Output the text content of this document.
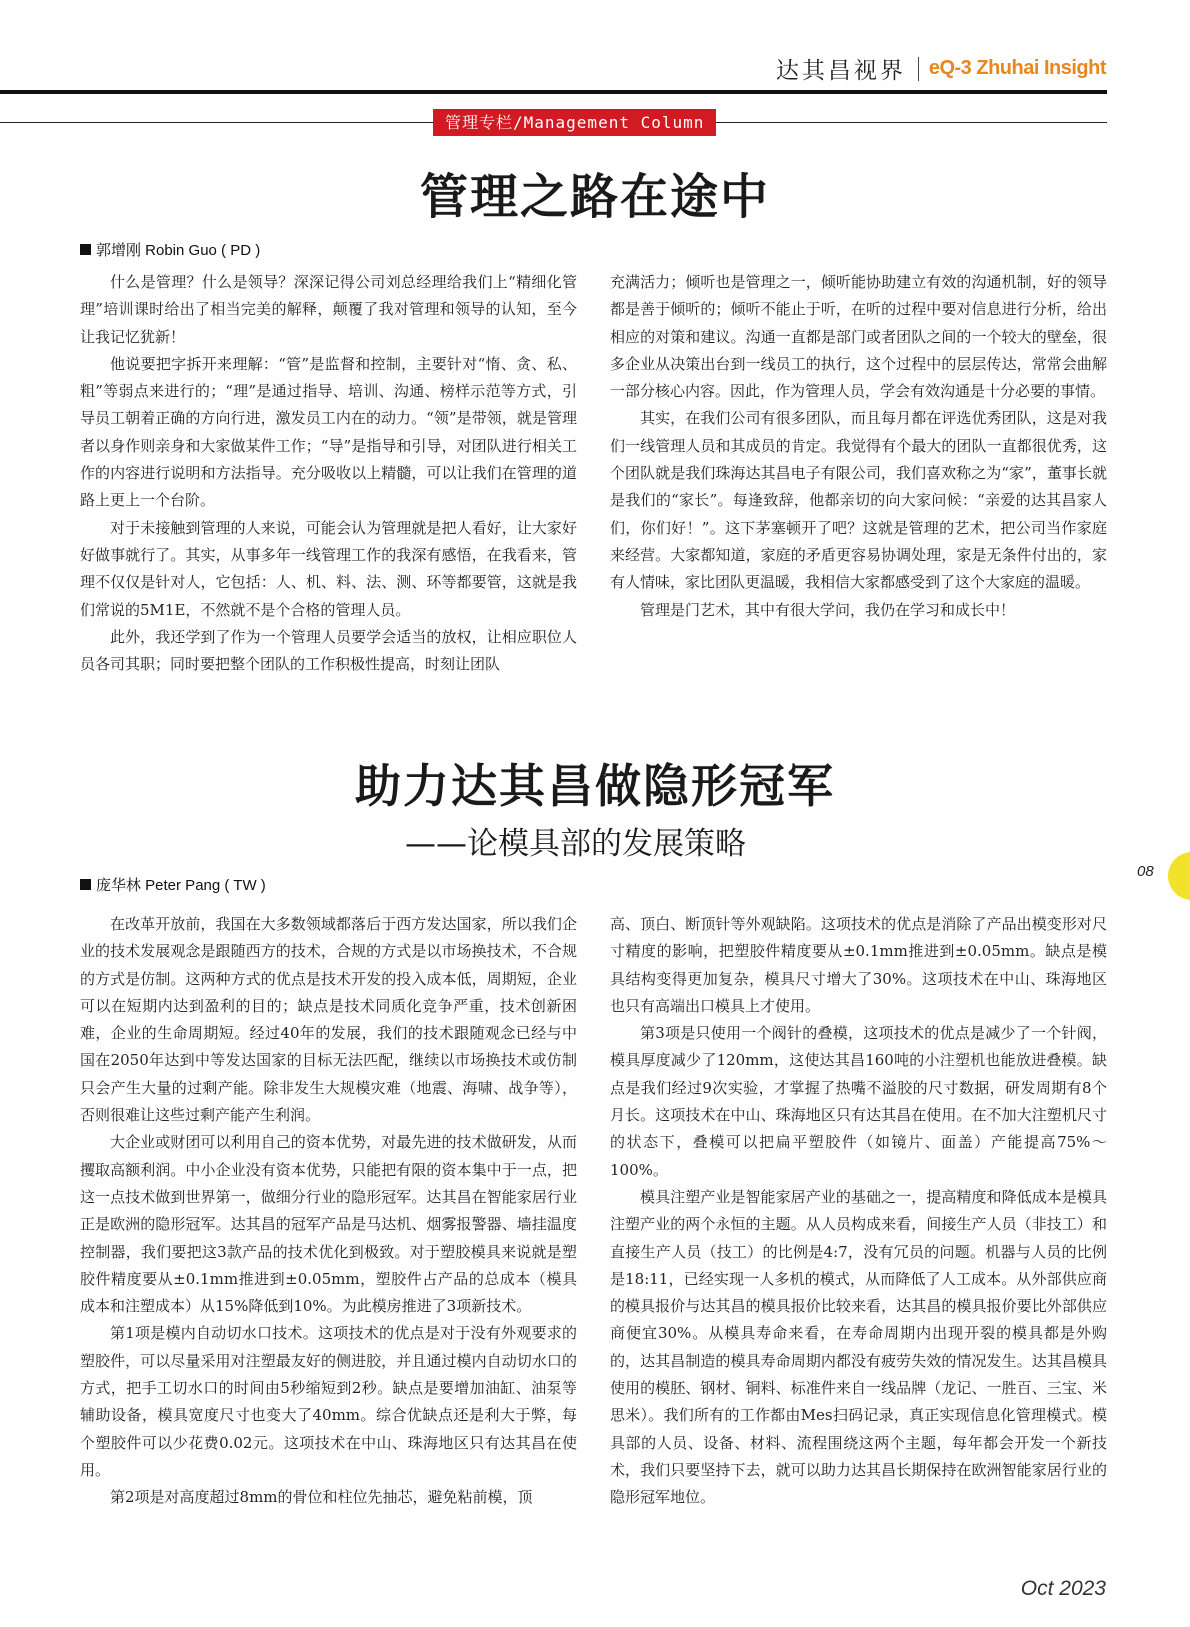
达其昌视界 eQ-3 Zhuhai Insight
管理专栏/Management Column
管理之路在途中
郭增刚 Robin Guo ( PD )

什么是管理？什么是领导？深深记得公司刘总经理给我们上“精细化管理”培训课时给出了相当完美的解释，颠覆了我对管理和领导的认知，至今让我记忆犹新！

他说要把字拆开来理解：“管”是监督和控制，主要针对“惰、贪、私、粗”等弱点来进行的；“理”是通过指导、培训、沟通、榜样示范等方式，引导员工朝着正确的方向行进，激发员工内在的动力。“领”是带领，就是管理者以身作则亲身和大家做某件工作；“导”是指导和引导，对团队进行相关工作的内容进行说明和方法指导。充分吸收以上精髓，可以让我们在管理的道路上更上一个台阶。

对于未接触到管理的人来说，可能会认为管理就是把人看好，让大家好好做事就行了。其实，从事多年一线管理工作的我深有感悟，在我看来，管理不仅仅是针对人，它包括：人、机、料、法、测、环等都要管，这就是我们常说的5M1E，不然就不是个合格的管理人员。

此外，我还学到了作为一个管理人员要学会适当的放权，让相应职位人员各司其职；同时要把整个团队的工作积极性提高，时刻让团队

充满活力；倾听也是管理之一，倾听能协助建立有效的沟通机制，好的领导都是善于倾听的；倾听不能止于听，在听的过程中要对信息进行分析，给出相应的对策和建议。沟通一直都是部门或者团队之间的一个较大的壁垒，很多企业从决策出台到一线员工的执行，这个过程中的层层传达，常常会曲解一部分核心内容。因此，作为管理人员，学会有效沟通是十分必要的事情。

其实，在我们公司有很多团队，而且每月都在评选优秀团队，这是对我们一线管理人员和其成员的肯定。我觉得有个最大的团队一直都很优秀，这个团队就是我们珠海达其昌电子有限公司，我们喜欢称之为“家”，董事长就是我们的“家长”。每逢致辞，他都亲切的向大家问候：“亲爱的达其昌家人们，你们好！”。这下茅塞顿开了吧？这就是管理的艺术，把公司当作家庭来经营。大家都知道，家庭的矛盾更容易协调处理，家是无条件付出的，家有人情味，家比团队更温暖，我相信大家都感受到了这个大家庭的温暖。

管理是门艺术，其中有很大学问，我仍在学习和成长中！

助力达其昌做隐形冠军
——论模具部的发展策略
庞华林 Peter Pang ( TW )

在改革开放前，我国在大多数领域都落后于西方发达国家，所以我们企业的技术发展观念是跟随西方的技术，合规的方式是以市场换技术，不合规的方式是仿制。这两种方式的优点是技术开发的投入成本低，周期短，企业可以在短期内达到盈利的目的；缺点是技术同质化竞争严重，技术创新困难，企业的生命周期短。经过40年的发展，我们的技术跟随观念已经与中国在2050年达到中等发达国家的目标无法匹配，继续以市场换技术或仿制只会产生大量的过剩产能。除非发生大规模灾难（地震、海啸、战争等），否则很难让这些过剩产能产生利润。

大企业或财团可以利用自己的资本优势，对最先进的技术做研发，从而攫取高额利润。中小企业没有资本优势，只能把有限的资本集中于一点，把这一点技术做到世界第一，做细分行业的隐形冠军。达其昌在智能家居行业正是欧洲的隐形冠军。达其昌的冠军产品是马达机、烟雾报警器、墙挂温度控制器，我们要把这3款产品的技术优化到极致。对于塑胶模具来说就是塑胶件精度要从±0.1mm推进到±0.05mm，塑胶件占产品的总成本（模具成本和注塑成本）从15%降低到10%。为此模房推进了3项新技术。

第1项是模内自动切水口技术。这项技术的优点是对于没有外观要求的塑胶件，可以尽量采用对注塑最友好的侧进胶，并且通过模内自动切水口的方式，把手工切水口的时间由5秒缩短到2秒。缺点是要增加油缸、油泵等辅助设备，模具宽度尺寸也变大了40mm。综合优缺点还是利大于弊，每个塑胶件可以少花费0.02元。这项技术在中山、珠海地区只有达其昌在使用。

第2项是对高度超过8mm的骨位和柱位先抽芯，避免粘前模，顶

高、顶白、断顶针等外观缺陷。这项技术的优点是消除了产品出模变形对尺寸精度的影响，把塑胶件精度要从±0.1mm推进到±0.05mm。缺点是模具结构变得更加复杂，模具尺寸增大了30%。这项技术在中山、珠海地区也只有高端出口模具上才使用。

第3项是只使用一个阀针的叠模，这项技术的优点是减少了一个针阀，模具厚度减少了120mm，这使达其昌160吨的小注塑机也能放进叠模。缺点是我们经过9次实验，才掌握了热嘴不溢胶的尺寸数据，研发周期有8个月长。这项技术在中山、珠海地区只有达其昌在使用。在不加大注塑机尺寸的状态下，叠模可以把扁平塑胶件（如镜片、面盖）产能提高75%～100%。

模具注塑产业是智能家居产业的基础之一，提高精度和降低成本是模具注塑产业的两个永恒的主题。从人员构成来看，间接生产人员（非技工）和直接生产人员（技工）的比例是4:7，没有冗员的问题。机器与人员的比例是18:11，已经实现一人多机的模式，从而降低了人工成本。从外部供应商的模具报价与达其昌的模具报价比较来看，达其昌的模具报价要比外部供应商便宜30%。从模具寿命来看，在寿命周期内出现开裂的模具都是外购的，达其昌制造的模具寿命周期内都没有疲劳失效的情况发生。达其昌模具使用的模胚、钢材、铜料、标准件来自一线品牌（龙记、一胜百、三宝、米思米）。我们所有的工作都由Mes扫码记录，真正实现信息化管理模式。模具部的人员、设备、材料、流程围绕这两个主题，每年都会开发一个新技术，我们只要坚持下去，就可以助力达其昌长期保持在欧洲智能家居行业的隐形冠军地位。

08
Oct 2023
